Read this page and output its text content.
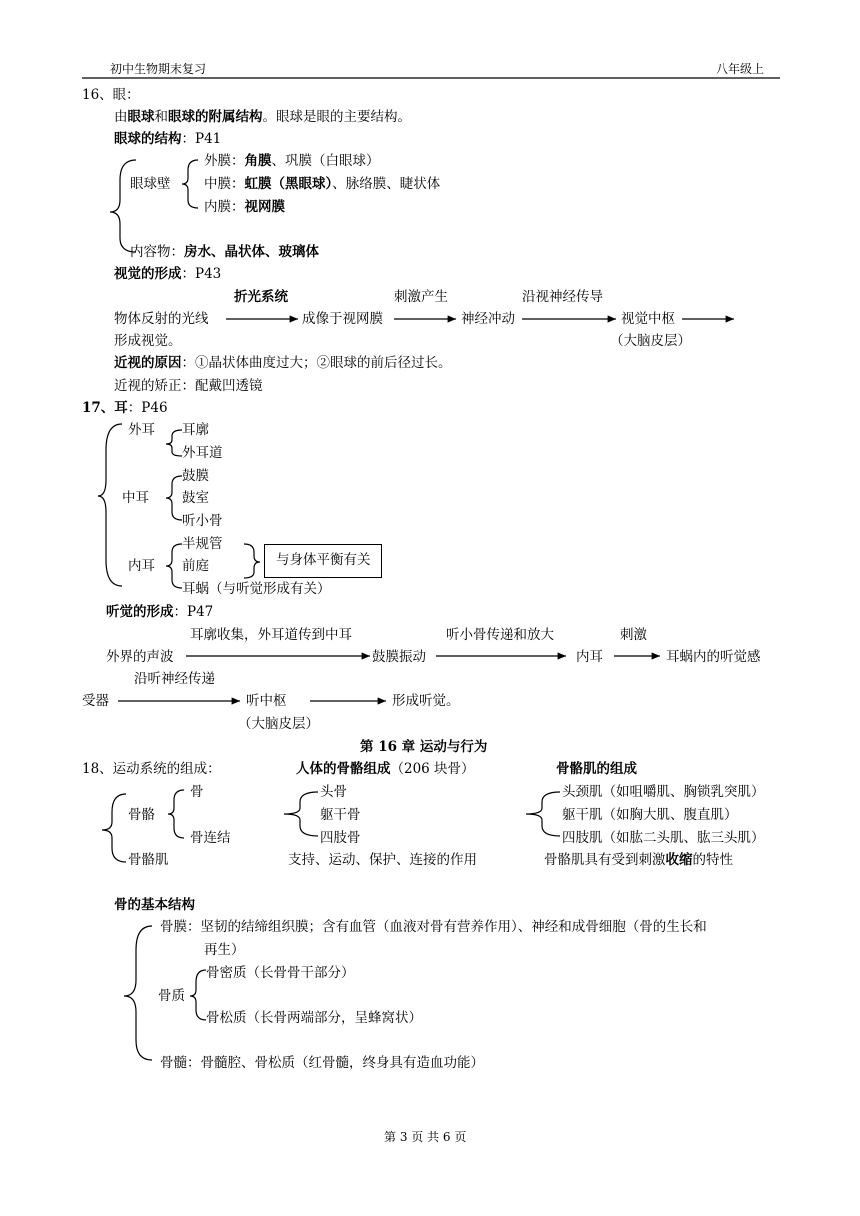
初中生物期末复习	八年级上
第 3 页 共 6 页
16、眼：
由眼球和眼球的附属结构。眼球是眼的主要结构。
眼球的结构：P41
眼球壁
外膜：角膜、巩膜（白眼球）
中膜：虹膜（黑眼球）、脉络膜、睫状体
内膜：视网膜
内容物：房水、晶状体、玻璃体
视觉的形成：P43
折光系统	刺激产生	沿视神经传导
物体反射的光线	成像于视网膜	神经冲动	视觉中枢
形成视觉。	（大脑皮层）
近视的原因：①晶状体曲度过大；②眼球的前后径过长。
近视的矫正：配戴凹透镜
17、耳：P46
外耳 耳廓
外耳道
中耳
鼓膜
鼓室
听小骨
内耳
半规管
前庭
耳蜗（与听觉形成有关）
与身体平衡有关
听觉的形成：P47
耳廓收集，外耳道传到中耳	听小骨传递和放大	刺激
外界的声波	鼓膜振动	内耳	耳蜗内的听觉感
沿听神经传递
受器	听中枢	形成听觉。
（大脑皮层）
第 16 章 运动与行为
18、运动系统的组成：	人体的骨骼组成（206 块骨）	骨骼肌的组成
骨骼
骨
骨连结
骨骼肌
头骨
躯干骨
四肢骨
支持、运动、保护、连接的作用
头颈肌（如咀嚼肌、胸锁乳突肌）
躯干肌（如胸大肌、腹直肌）
四肢肌（如肱二头肌、肱三头肌）
骨骼肌具有受到刺激收缩的特性
骨的基本结构
骨膜：坚韧的结缔组织膜；含有血管（血液对骨有营养作用）、神经和成骨细胞（骨的生长和
再生）
骨质
骨密质（长骨骨干部分）
骨松质（长骨两端部分，呈蜂窝状）
骨髓：骨髓腔、骨松质（红骨髓，终身具有造血功能）
